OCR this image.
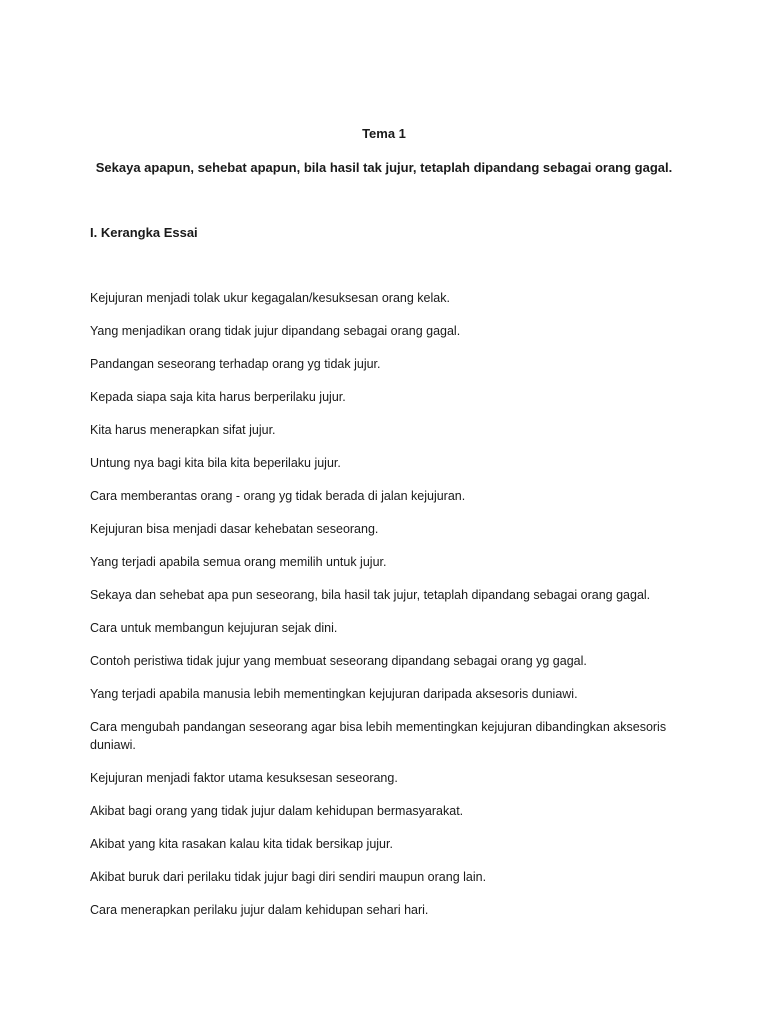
Tema 1
Sekaya apapun, sehebat apapun, bila hasil tak jujur, tetaplah dipandang sebagai orang gagal.
I. Kerangka Essai
Kejujuran menjadi tolak ukur kegagalan/kesuksesan orang kelak.
Yang menjadikan orang tidak jujur dipandang sebagai orang gagal.
Pandangan seseorang terhadap orang yg tidak jujur.
Kepada siapa saja kita harus berperilaku jujur.
Kita harus menerapkan sifat jujur.
Untung nya bagi kita bila kita beperilaku jujur.
Cara memberantas orang - orang yg tidak berada di jalan kejujuran.
Kejujuran bisa menjadi dasar kehebatan seseorang.
Yang terjadi apabila semua orang memilih untuk jujur.
Sekaya dan sehebat apa pun seseorang, bila hasil tak jujur, tetaplah dipandang sebagai orang gagal.
Cara untuk membangun kejujuran sejak dini.
Contoh peristiwa tidak jujur yang membuat seseorang dipandang sebagai orang yg gagal.
Yang terjadi apabila manusia lebih mementingkan kejujuran daripada aksesoris duniawi.
Cara mengubah pandangan seseorang agar bisa lebih mementingkan kejujuran dibandingkan aksesoris duniawi.
Kejujuran menjadi faktor utama kesuksesan seseorang.
Akibat bagi orang yang tidak jujur dalam kehidupan bermasyarakat.
Akibat yang kita rasakan kalau kita tidak bersikap jujur.
Akibat buruk dari perilaku tidak jujur bagi diri sendiri maupun orang lain.
Cara menerapkan perilaku jujur dalam kehidupan sehari hari.
